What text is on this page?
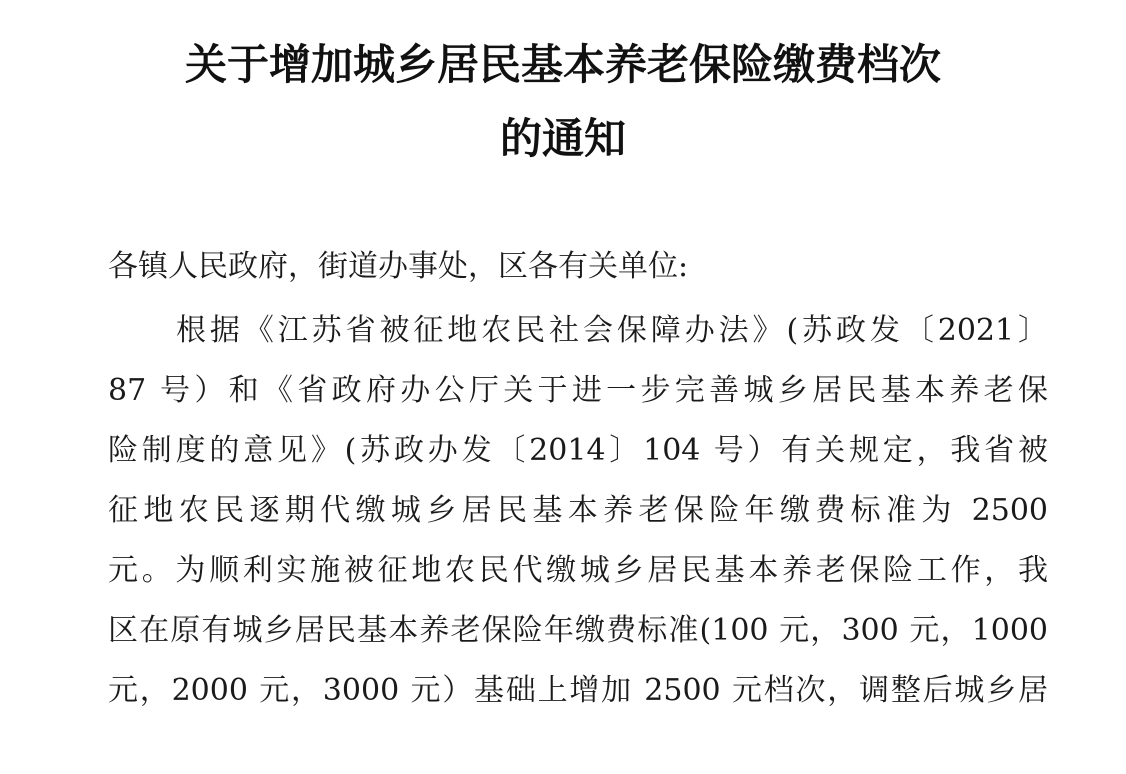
关于增加城乡居民基本养老保险缴费档次
的通知
各镇人民政府，街道办事处，区各有关单位:
根据《江苏省被征地农民社会保障办法》(苏政发〔2021〕
87 号）和《省政府办公厅关于进一步完善城乡居民基本养老保
险制度的意见》(苏政办发〔2014〕104 号）有关规定，我省被
征地农民逐期代缴城乡居民基本养老保险年缴费标准为 2500
元。为顺利实施被征地农民代缴城乡居民基本养老保险工作，我
区在原有城乡居民基本养老保险年缴费标准(100 元，300 元，1000
元，2000 元，3000 元）基础上增加 2500 元档次，调整后城乡居
